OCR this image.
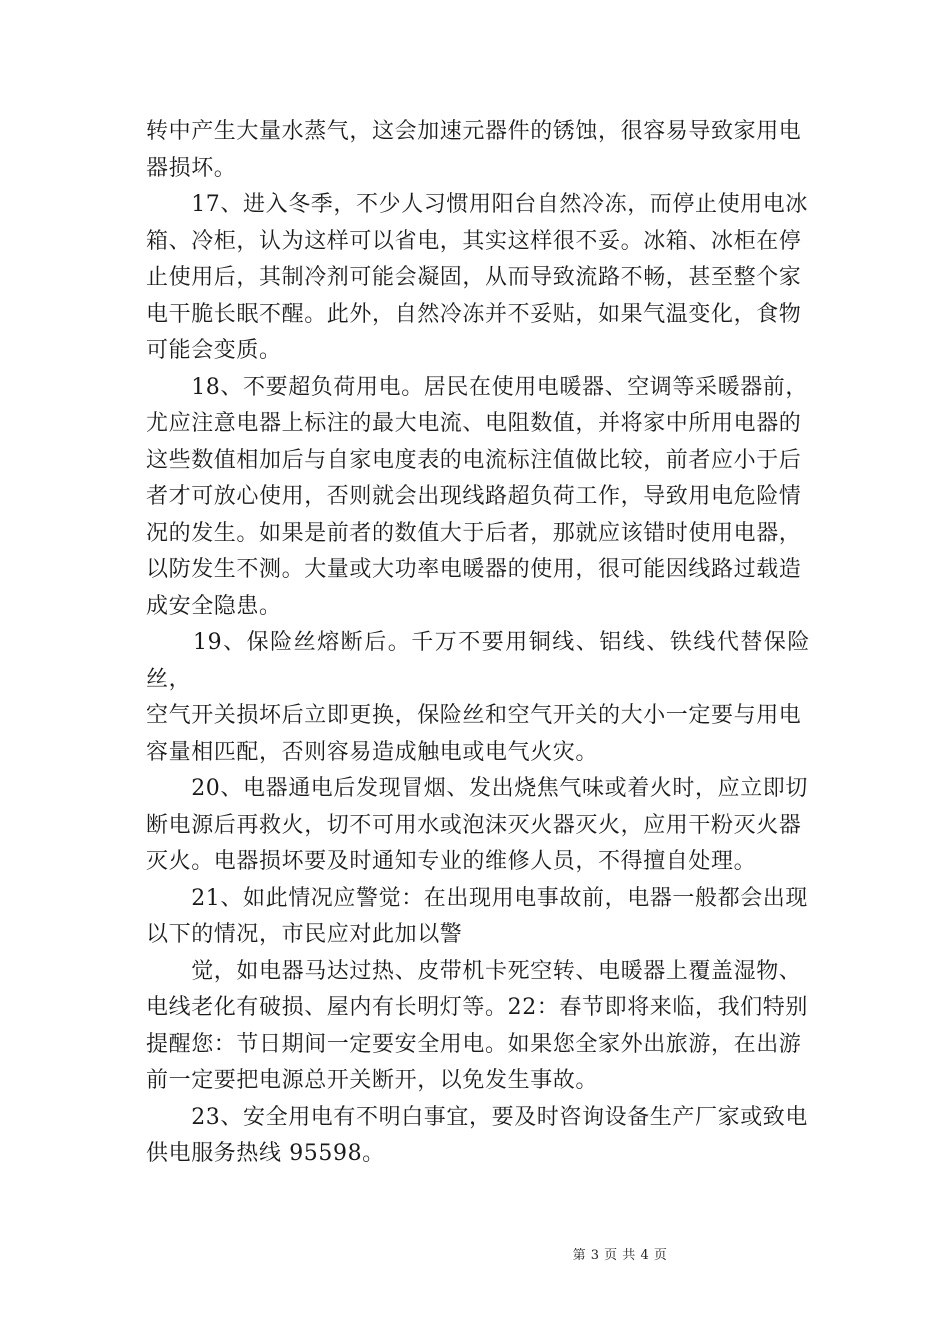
转中产生大量水蒸气，这会加速元器件的锈蚀，很容易导致家用电
器损坏。

　　17、进入冬季，不少人习惯用阳台自然冷冻，而停止使用电冰
箱、冷柜，认为这样可以省电，其实这样很不妥。冰箱、冰柜在停
止使用后，其制冷剂可能会凝固，从而导致流路不畅，甚至整个家
电干脆长眠不醒。此外，自然冷冻并不妥贴，如果气温变化，食物
可能会变质。

　　18、不要超负荷用电。居民在使用电暖器、空调等采暖器前，
尤应注意电器上标注的最大电流、电阻数值，并将家中所用电器的
这些数值相加后与自家电度表的电流标注值做比较，前者应小于后
者才可放心使用，否则就会出现线路超负荷工作，导致用电危险情
况的发生。如果是前者的数值大于后者，那就应该错时使用电器，
以防发生不测。大量或大功率电暖器的使用，很可能因线路过载造
成安全隐患。

　　19、保险丝熔断后。千万不要用铜线、铝线、铁线代替保险丝，
空气开关损坏后立即更换，保险丝和空气开关的大小一定要与用电
容量相匹配，否则容易造成触电或电气火灾。

　　20、电器通电后发现冒烟、发出烧焦气味或着火时，应立即切
断电源后再救火，切不可用水或泡沫灭火器灭火，应用干粉灭火器
灭火。电器损坏要及时通知专业的维修人员，不得擅自处理。

　　21、如此情况应警觉：在出现用电事故前，电器一般都会出现
以下的情况，市民应对此加以警

　　觉，如电器马达过热、皮带机卡死空转、电暖器上覆盖湿物、
电线老化有破损、屋内有长明灯等。22：春节即将来临，我们特别
提醒您：节日期间一定要安全用电。如果您全家外出旅游，在出游
前一定要把电源总开关断开，以免发生事故。

　　23、安全用电有不明白事宜，要及时咨询设备生产厂家或致电
供电服务热线 95598。

第 3 页 共 4 页
